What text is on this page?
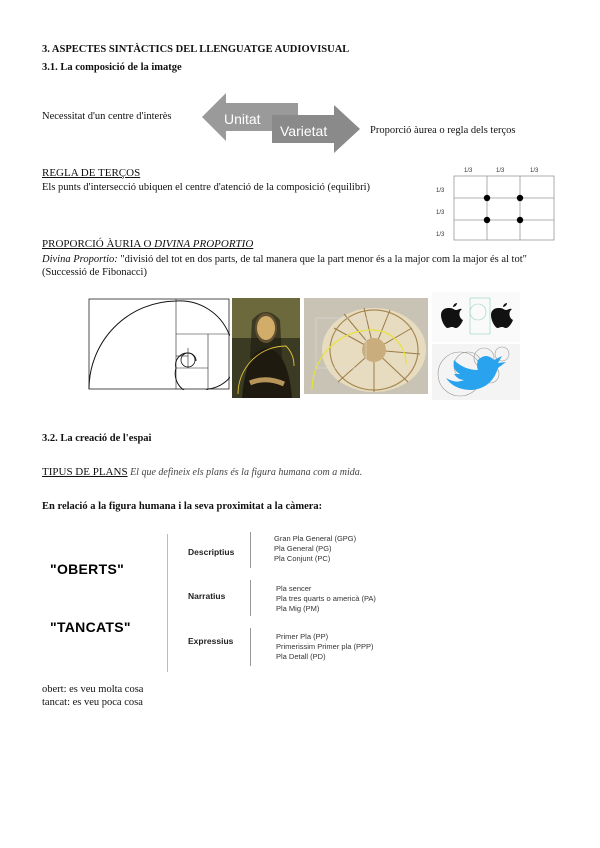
3. ASPECTES SINTÀCTICS DEL LLENGUATGE AUDIOVISUAL
3.1. La composició de la imatge
Necessitat d'un centre d'interès	Unitat
Varietat	Proporció àurea o regla dels terços
REGLA DE TERÇOS
Els punts d'intersecció ubiquen el centre d'atenció de la composició (equilibri)
1/3	1/3	1/3
1/3
1/3
1/3
PROPORCIÓ ÀURIA O DIVINA PROPORTIO
Divina Proportio: "divisió del tot en dos parts, de tal manera que la part menor és a la major com la major és al tot"
(Successió de Fibonacci)
3.2. La creació de l'espai
TIPUS DE PLANS El que defineix els plans és la figura humana com a mida.
En relació a la figura humana i la seva proximitat a la càmera:
"OBERTS"
"TANCATS"
Descriptius
Gran Pla General (GPG)
Pla General (PG)
Pla Conjunt (PC)
Narratius
Pla sencer
Pla tres quarts o americà (PA)
Pla Mig (PM)
Expressius	Primer Pla (PP)
Primerissim Primer pla (PPP)
Pla Detall (PD)
obert: es veu molta cosa
tancat: es veu poca cosa
